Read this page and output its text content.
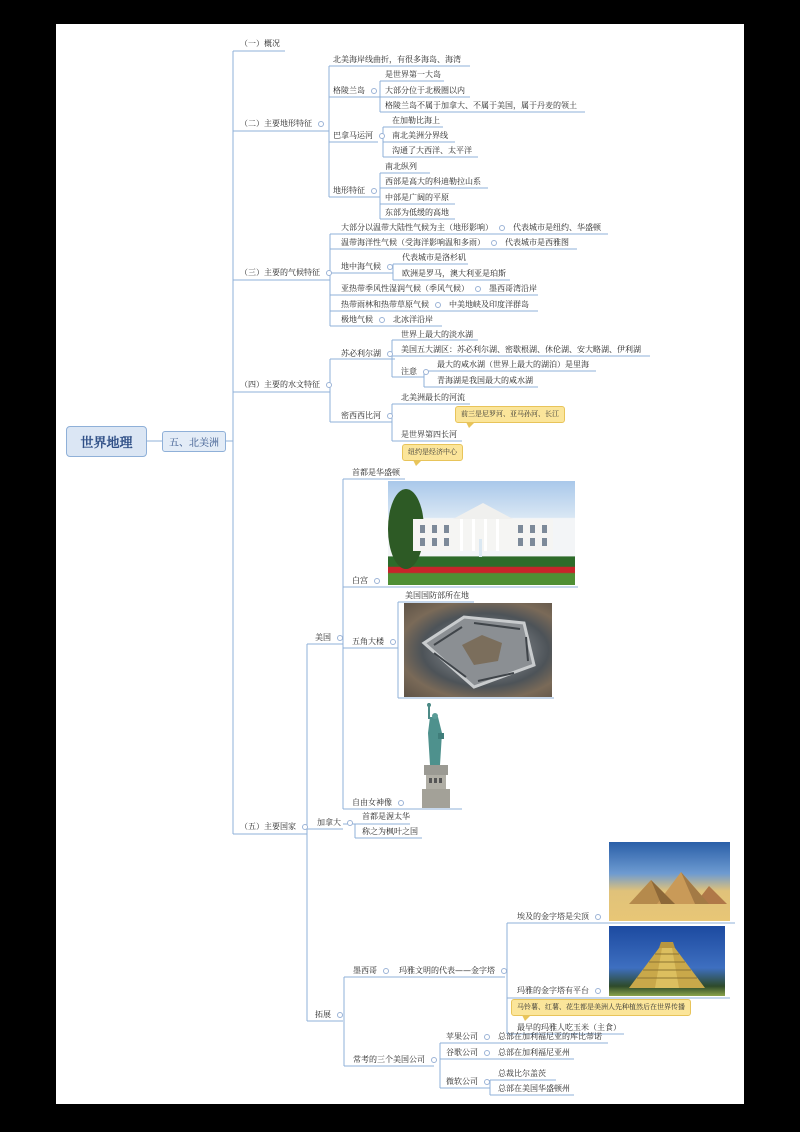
世界地理	五、北美洲
（一）概况
（二）主要地形特征
（三）主要的气候特征
（四）主要的水文特征
（五）主要国家
北美海岸线曲折，有很多海岛、海湾
格陵兰岛
是世界第一大岛
大部分位于北极圈以内
格陵兰岛不属于加拿大、不属于美国，属于丹麦的领土
巴拿马运河
在加勒比海上
南北美洲分界线
沟通了大西洋、太平洋
地形特征
南北纵列
西部是高大的科迪勒拉山系
中部是广阔的平原
东部为低缓的高地
大部分以温带大陆性气候为主（地形影响）	代表城市是纽约、华盛顿
温带海洋性气候（受海洋影响温和多雨）	代表城市是西雅图
地中海气候
代表城市是洛杉矶
欧洲是罗马，澳大利亚是珀斯
亚热带季风性湿润气候（季风气候）	墨西哥湾沿岸
热带雨林和热带草原气候	中美地峡及印度洋群岛
极地气候	北冰洋沿岸
苏必利尔湖
世界上最大的淡水湖
美国五大湖区：苏必利尔湖、密歇根湖、休伦湖、安大略湖、伊利湖
注意
最大的咸水湖（世界上最大的湖泊）是里海
青海湖是我国最大的咸水湖
密西西比河
北美洲最长的河流
是世界第四长河
前三是尼罗河、亚马孙河、长江
纽约是经济中心
美国
首都是华盛顿
白宫
五角大楼
美国国防部所在地
自由女神像
加拿大
首都是渥太华
称之为枫叶之国
拓展
墨西哥	玛雅文明的代表——金字塔
埃及的金字塔是尖顶
玛雅的金字塔有平台
马铃薯、红薯、花生都是美洲人先种植然后在世界传播
最早的玛雅人吃玉米（主食）
常考的三个美国公司
苹果公司	总部在加利福尼亚的库比蒂诺
谷歌公司	总部在加利福尼亚州
微软公司
总裁比尔盖茨
总部在美国华盛顿州
